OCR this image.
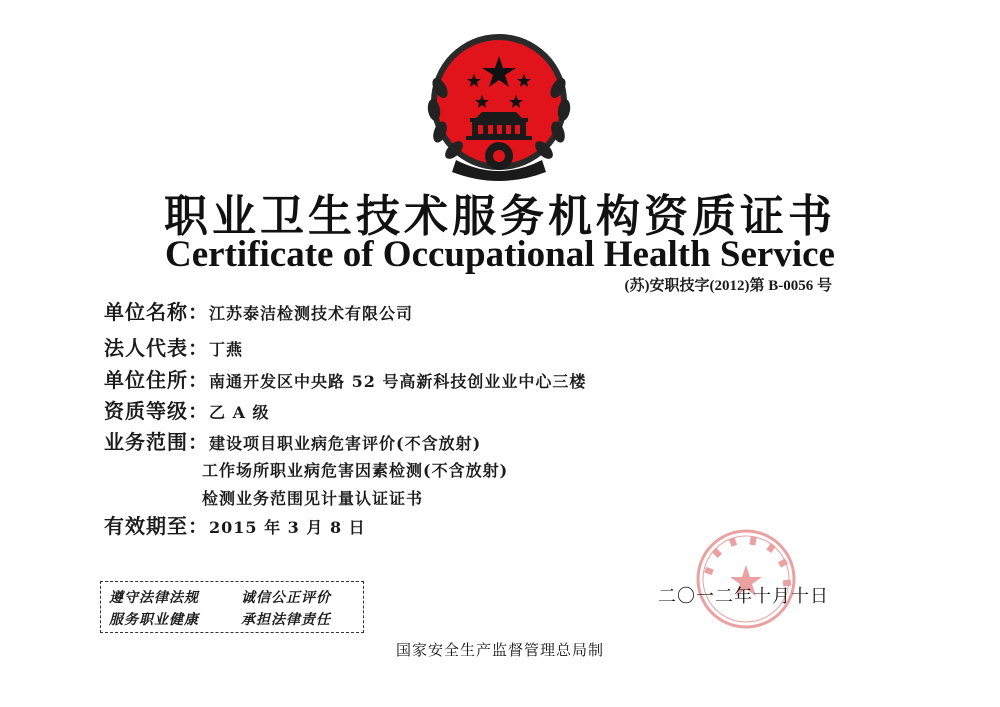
职业卫生技术服务机构资质证书
Certificate of Occupational Health Service
(苏)安职技字(2012)第 B-0056 号
单位名称：江苏泰洁检测技术有限公司
法人代表：丁燕
单位住所：南通开发区中央路 52 号高新科技创业业中心三楼
资质等级：乙 A 级
业务范围：建设项目职业病危害评价(不含放射)
工作场所职业病危害因素检测(不含放射)
检测业务范围见计量认证证书
有效期至：2015 年 3 月 8 日
遵守法律法规	诚信公正评价
服务职业健康	承担法律责任
二〇一二年十月十日
国家安全生产监督管理总局制
